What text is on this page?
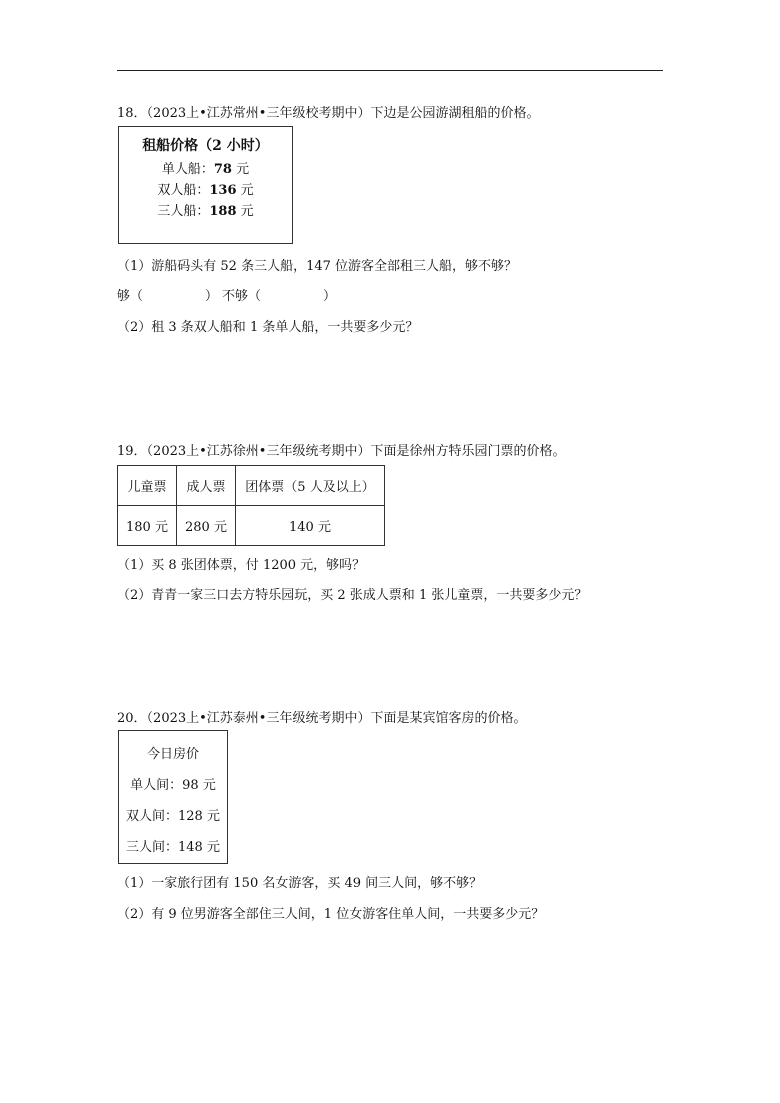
18．（2023上•江苏常州•三年级校考期中）下边是公园游湖租船的价格。
租船价格（2 小时）
单人船：78 元
双人船：136 元
三人船：188 元
（1）游船码头有 52 条三人船，147 位游客全部租三人船，够不够？
够（	） 不够（	）
（2）租 3 条双人船和 1 条单人船，一共要多少元？
19．（2023上•江苏徐州•三年级统考期中）下面是徐州方特乐园门票的价格。
儿童票	成人票	团体票（5 人及以上）
180 元	280 元	140 元
（1）买 8 张团体票，付 1200 元，够吗？
（2）青青一家三口去方特乐园玩，买 2 张成人票和 1 张儿童票，一共要多少元？
20．（2023上•江苏泰州•三年级统考期中）下面是某宾馆客房的价格。
今日房价
单人间：98 元
双人间：128 元
三人间：148 元
（1）一家旅行团有 150 名女游客，买 49 间三人间，够不够？
（2）有 9 位男游客全部住三人间，1 位女游客住单人间，一共要多少元？
